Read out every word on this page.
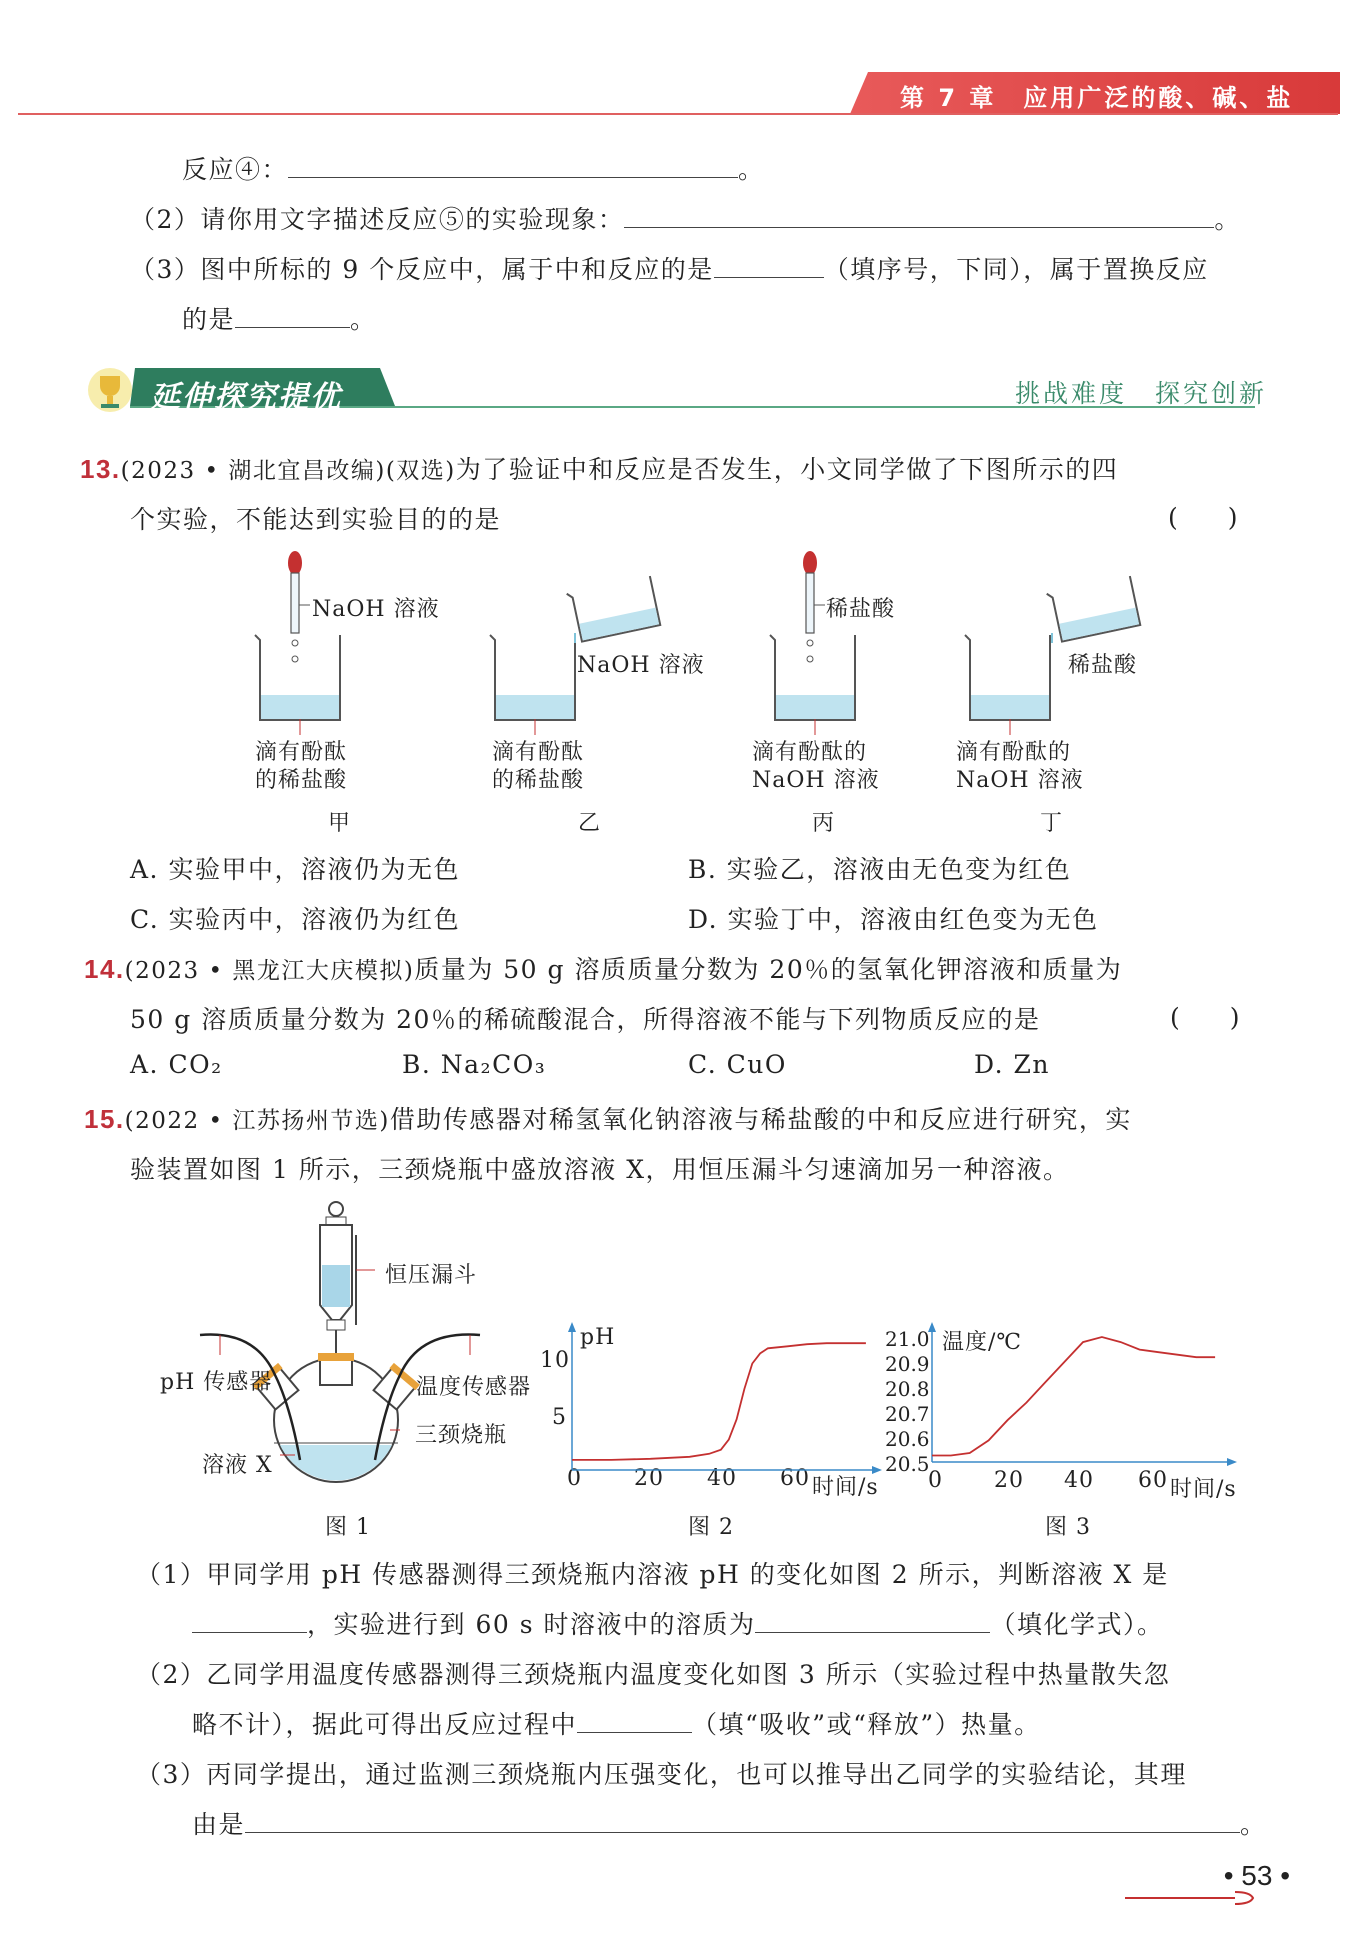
第 7 章　应用广泛的酸、碱、盐
反应④：	。
（2）请你用文字描述反应⑤的实验现象：	。
（3）图中所标的 9 个反应中，属于中和反应的是	（填序号，下同），属于置换反应
的是	。
延伸探究提优	挑战难度　探究创新
13.(2023 • 湖北宜昌改编)(双选)为了验证中和反应是否发生，小文同学做了下图所示的四
个实验，不能达到实验目的的是	(　　)
NaOH 溶液
NaOH 溶液
稀盐酸
稀盐酸
滴有酚酞
的稀盐酸
滴有酚酞
的稀盐酸
滴有酚酞的
NaOH 溶液
滴有酚酞的
NaOH 溶液
甲	乙	丙	丁
A. 实验甲中，溶液仍为无色	B. 实验乙，溶液由无色变为红色
C. 实验丙中，溶液仍为红色	D. 实验丁中，溶液由红色变为无色
14.(2023 • 黑龙江大庆模拟)质量为 50 g 溶质质量分数为 20％的氢氧化钾溶液和质量为
50 g 溶质质量分数为 20％的稀硫酸混合，所得溶液不能与下列物质反应的是	(　　)
A. CO₂	B. Na₂CO₃	C. CuO	D. Zn
15.(2022 • 江苏扬州节选)借助传感器对稀氢氧化钠溶液与稀盐酸的中和反应进行研究，实
验装置如图 1 所示，三颈烧瓶中盛放溶液 X，用恒压漏斗匀速滴加另一种溶液。
恒压漏斗
pH 传感器	温度传感器
三颈烧瓶
溶液 X
图 1
pH
10
5
0 20 40 60 时间/s
图 2
温度/℃
21.0
20.9
20.8
20.7
20.6
20.5
0 20 40 60 时间/s
图 3
（1）甲同学用 pH 传感器测得三颈烧瓶内溶液 pH 的变化如图 2 所示，判断溶液 X 是
，实验进行到 60 s 时溶液中的溶质为	（填化学式）。
（2）乙同学用温度传感器测得三颈烧瓶内温度变化如图 3 所示（实验过程中热量散失忽
略不计），据此可得出反应过程中	（填“吸收”或“释放”）热量。
（3）丙同学提出，通过监测三颈烧瓶内压强变化，也可以推导出乙同学的实验结论，其理
由是	。
• 53 •
